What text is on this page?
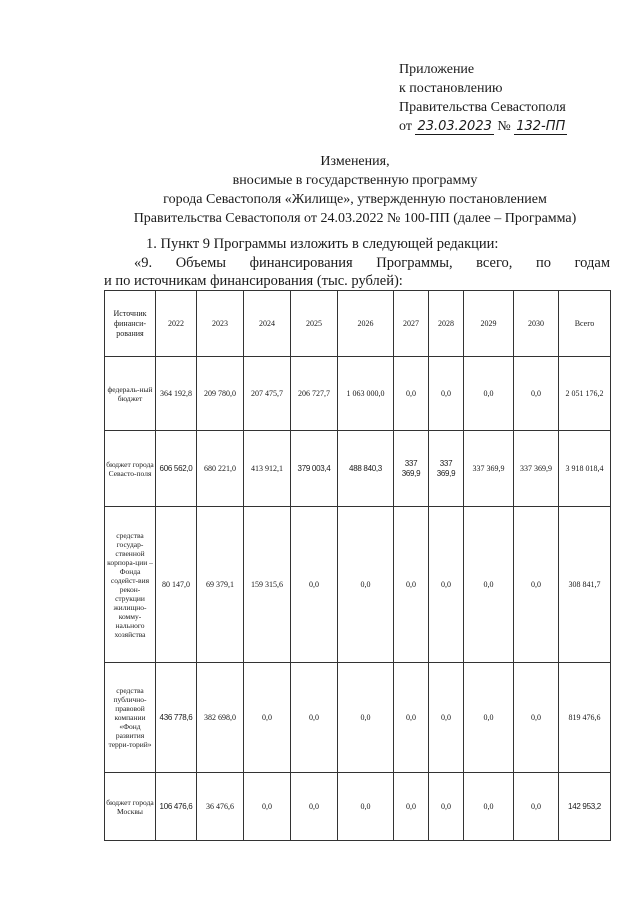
Приложение
к постановлению
Правительства Севастополя
от 23.03.2023 № 132-ПП
Изменения,
вносимые в государственную программу
города Севастополя «Жилище», утвержденную постановлением
Правительства Севастополя от 24.03.2022 № 100-ПП (далее – Программа)
1. Пункт 9 Программы изложить в следующей редакции:
«9. Объемы финансирования Программы, всего, по годам
и по источникам финансирования (тыс. рублей):
Источник финанси-рования	2022	2023	2024	2025	2026	2027	2028	2029	2030	Всего
федераль-ный бюджет	364 192,8	209 780,0	207 475,7	206 727,7	1 063 000,0	0,0	0,0	0,0	0,0	2 051 176,2
бюджет города Севасто-поля	606 562,0	680 221,0	413 912,1	379 003,4	488 840,3	337 369,9	337 369,9	337 369,9	337 369,9	3 918 018,4
средства государ-ственной корпора-ции – Фонда содейст-вия рекон-струкции жилищно-комму-нального хозяйства	80 147,0	69 379,1	159 315,6	0,0	0,0	0,0	0,0	0,0	0,0	308 841,7
средства публично-правовой компании «Фонд развития терри-торий»	436 778,6	382 698,0	0,0	0,0	0,0	0,0	0,0	0,0	0,0	819 476,6
бюджет города Москвы	106 476,6	36 476,6	0,0	0,0	0,0	0,0	0,0	0,0	0,0	142 953,2
